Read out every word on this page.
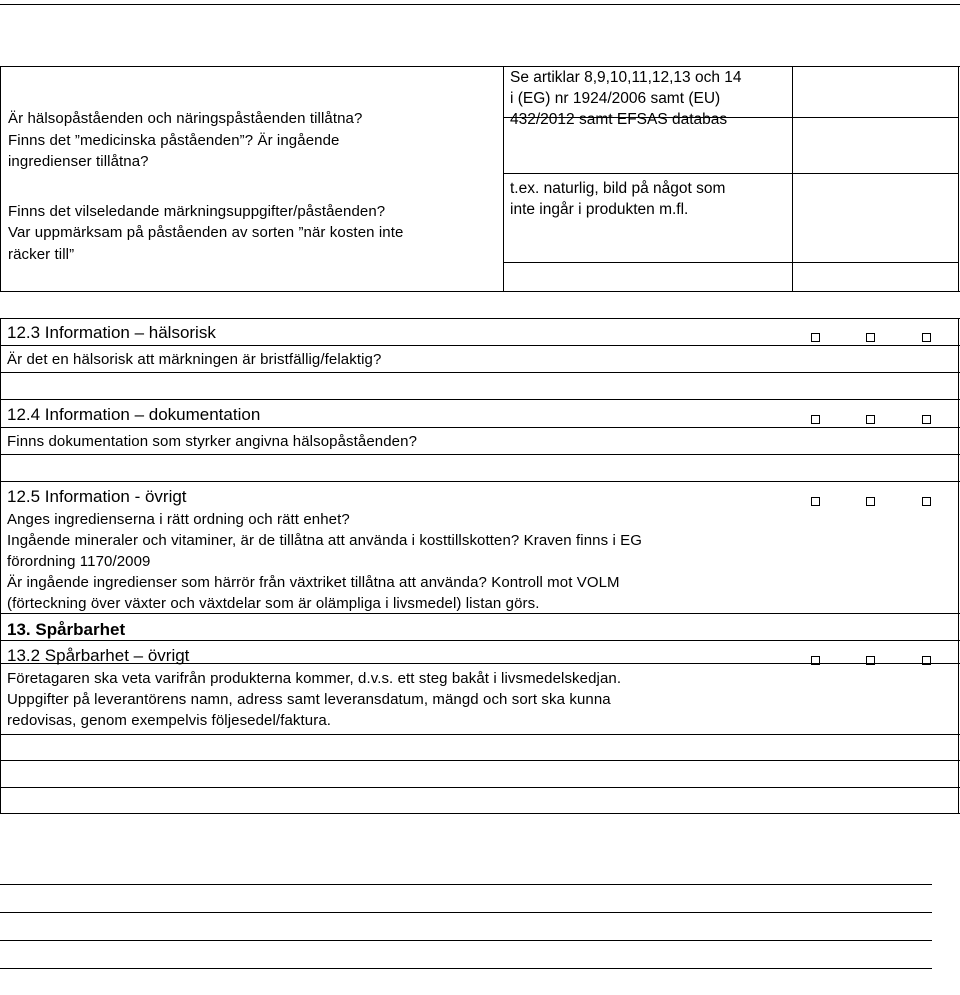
Är hälsopåståenden och näringspåståenden tillåtna?
Finns det ”medicinska påståenden”? Är ingående
ingredienser tillåtna?
Finns det vilseledande märkningsuppgifter/påståenden?
Var uppmärksam på påståenden av sorten ”när kosten inte
räcker till”
Se artiklar 8,9,10,11,12,13 och 14
i (EG) nr 1924/2006 samt (EU)
432/2012 samt EFSAS databas
t.ex. naturlig, bild på något som
inte ingår i produkten m.fl.
12.3 Information – hälsorisk
Är det en hälsorisk att märkningen är bristfällig/felaktig?
12.4 Information – dokumentation
Finns dokumentation som styrker angivna hälsopåståenden?
12.5 Information - övrigt
Anges ingredienserna i rätt ordning och rätt enhet?
Ingående mineraler och vitaminer, är de tillåtna att använda i kosttillskotten? Kraven finns i EG
förordning 1170/2009
Är ingående ingredienser som härrör från växtriket tillåtna att använda? Kontroll mot VOLM
(förteckning över växter och växtdelar som är olämpliga i livsmedel) listan görs.
13. Spårbarhet
13.2 Spårbarhet – övrigt
Företagaren ska veta varifrån produkterna kommer, d.v.s. ett steg bakåt i livsmedelskedjan.
Uppgifter på leverantörens namn, adress samt leveransdatum, mängd och sort ska kunna
redovisas, genom exempelvis följesedel/faktura.
